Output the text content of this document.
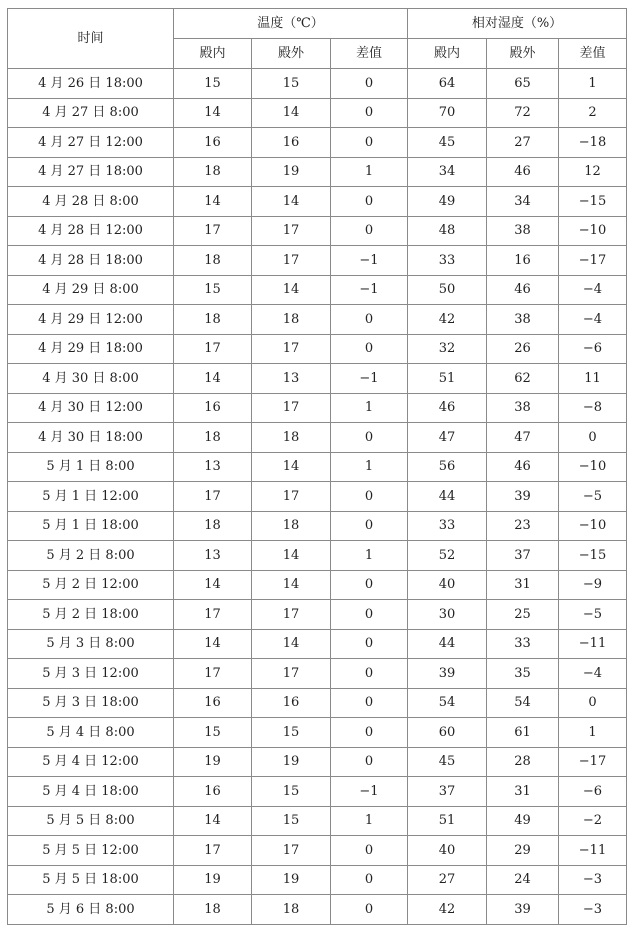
时间	温度（℃）			相对湿度（%）		
	殿内	殿外	差值	殿内	殿外	差值
4 月 26 日 18:00	15	15	0	64	65	1
4 月 27 日 8:00	14	14	0	70	72	2
4 月 27 日 12:00	16	16	0	45	27	−18
4 月 27 日 18:00	18	19	1	34	46	12
4 月 28 日 8:00	14	14	0	49	34	−15
4 月 28 日 12:00	17	17	0	48	38	−10
4 月 28 日 18:00	18	17	−1	33	16	−17
4 月 29 日 8:00	15	14	−1	50	46	−4
4 月 29 日 12:00	18	18	0	42	38	−4
4 月 29 日 18:00	17	17	0	32	26	−6
4 月 30 日 8:00	14	13	−1	51	62	11
4 月 30 日 12:00	16	17	1	46	38	−8
4 月 30 日 18:00	18	18	0	47	47	0
5 月 1 日 8:00	13	14	1	56	46	−10
5 月 1 日 12:00	17	17	0	44	39	−5
5 月 1 日 18:00	18	18	0	33	23	−10
5 月 2 日 8:00	13	14	1	52	37	−15
5 月 2 日 12:00	14	14	0	40	31	−9
5 月 2 日 18:00	17	17	0	30	25	−5
5 月 3 日 8:00	14	14	0	44	33	−11
5 月 3 日 12:00	17	17	0	39	35	−4
5 月 3 日 18:00	16	16	0	54	54	0
5 月 4 日 8:00	15	15	0	60	61	1
5 月 4 日 12:00	19	19	0	45	28	−17
5 月 4 日 18:00	16	15	−1	37	31	−6
5 月 5 日 8:00	14	15	1	51	49	−2
5 月 5 日 12:00	17	17	0	40	29	−11
5 月 5 日 18:00	19	19	0	27	24	−3
5 月 6 日 8:00	18	18	0	42	39	−3
